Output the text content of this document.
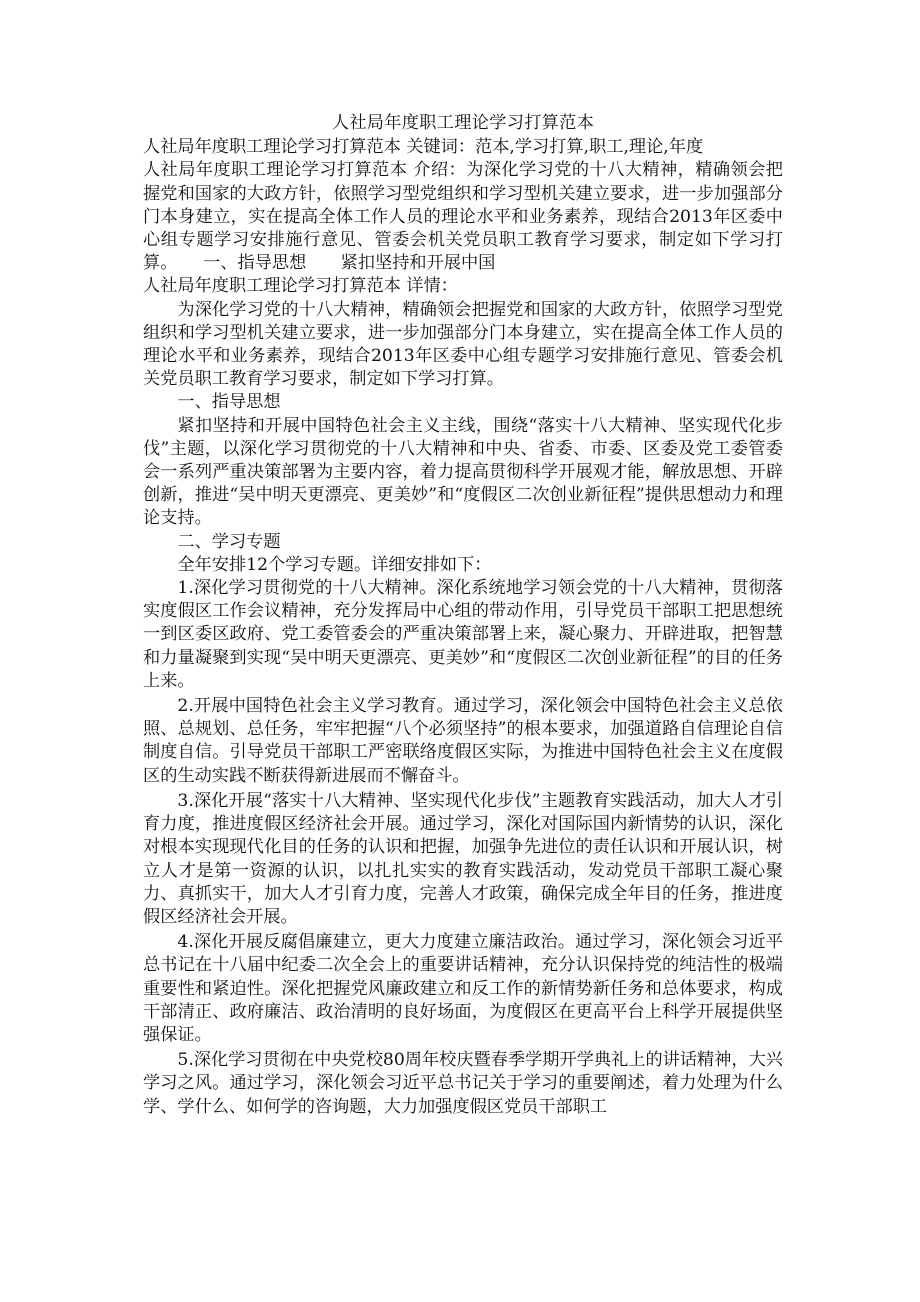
人社局年度职工理论学习打算范本
人社局年度职工理论学习打算范本 关键词：范本,学习打算,职工,理论,年度
人社局年度职工理论学习打算范本 介绍：为深化学习党的十八大精神，精确领会把握党和国家的大政方针，依照学习型党组织和学习型机关建立要求，进一步加强部分门本身建立，实在提高全体工作人员的理论水平和业务素养，现结合2013年区委中心组专题学习安排施行意见、管委会机关党员职工教育学习要求，制定如下学习打算。　　一、指导思想　　紧扣坚持和开展中国
人社局年度职工理论学习打算范本 详情：

为深化学习党的十八大精神，精确领会把握党和国家的大政方针，依照学习型党组织和学习型机关建立要求，进一步加强部分门本身建立，实在提高全体工作人员的理论水平和业务素养，现结合2013年区委中心组专题学习安排施行意见、管委会机关党员职工教育学习要求，制定如下学习打算。

一、指导思想

紧扣坚持和开展中国特色社会主义主线，围绕“落实十八大精神、坚实现代化步伐”主题，以深化学习贯彻党的十八大精神和中央、省委、市委、区委及党工委管委会一系列严重决策部署为主要内容，着力提高贯彻科学开展观才能，解放思想、开辟创新，推进“吴中明天更漂亮、更美妙”和“度假区二次创业新征程”提供思想动力和理论支持。

二、学习专题

全年安排12个学习专题。详细安排如下：

1.深化学习贯彻党的十八大精神。深化系统地学习领会党的十八大精神，贯彻落实度假区工作会议精神，充分发挥局中心组的带动作用，引导党员干部职工把思想统一到区委区政府、党工委管委会的严重决策部署上来，凝心聚力、开辟进取，把智慧和力量凝聚到实现“吴中明天更漂亮、更美妙”和“度假区二次创业新征程”的目的任务上来。

2.开展中国特色社会主义学习教育。通过学习，深化领会中国特色社会主义总依照、总规划、总任务，牢牢把握“八个必须坚持”的根本要求，加强道路自信理论自信制度自信。引导党员干部职工严密联络度假区实际，为推进中国特色社会主义在度假区的生动实践不断获得新进展而不懈奋斗。

3.深化开展“落实十八大精神、坚实现代化步伐”主题教育实践活动，加大人才引育力度，推进度假区经济社会开展。通过学习，深化对国际国内新情势的认识，深化对根本实现现代化目的任务的认识和把握，加强争先进位的责任认识和开展认识，树立人才是第一资源的认识，以扎扎实实的教育实践活动，发动党员干部职工凝心聚力、真抓实干，加大人才引育力度，完善人才政策，确保完成全年目的任务，推进度假区经济社会开展。

4.深化开展反腐倡廉建立，更大力度建立廉洁政治。通过学习，深化领会习近平总书记在十八届中纪委二次全会上的重要讲话精神，充分认识保持党的纯洁性的极端重要性和紧迫性。深化把握党风廉政建立和反工作的新情势新任务和总体要求，构成干部清正、政府廉洁、政治清明的良好场面，为度假区在更高平台上科学开展提供坚强保证。

5.深化学习贯彻在中央党校80周年校庆暨春季学期开学典礼上的讲话精神，大兴学习之风。通过学习，深化领会习近平总书记关于学习的重要阐述，着力处理为什么学、学什么、如何学的咨询题，大力加强度假区党员干部职工
